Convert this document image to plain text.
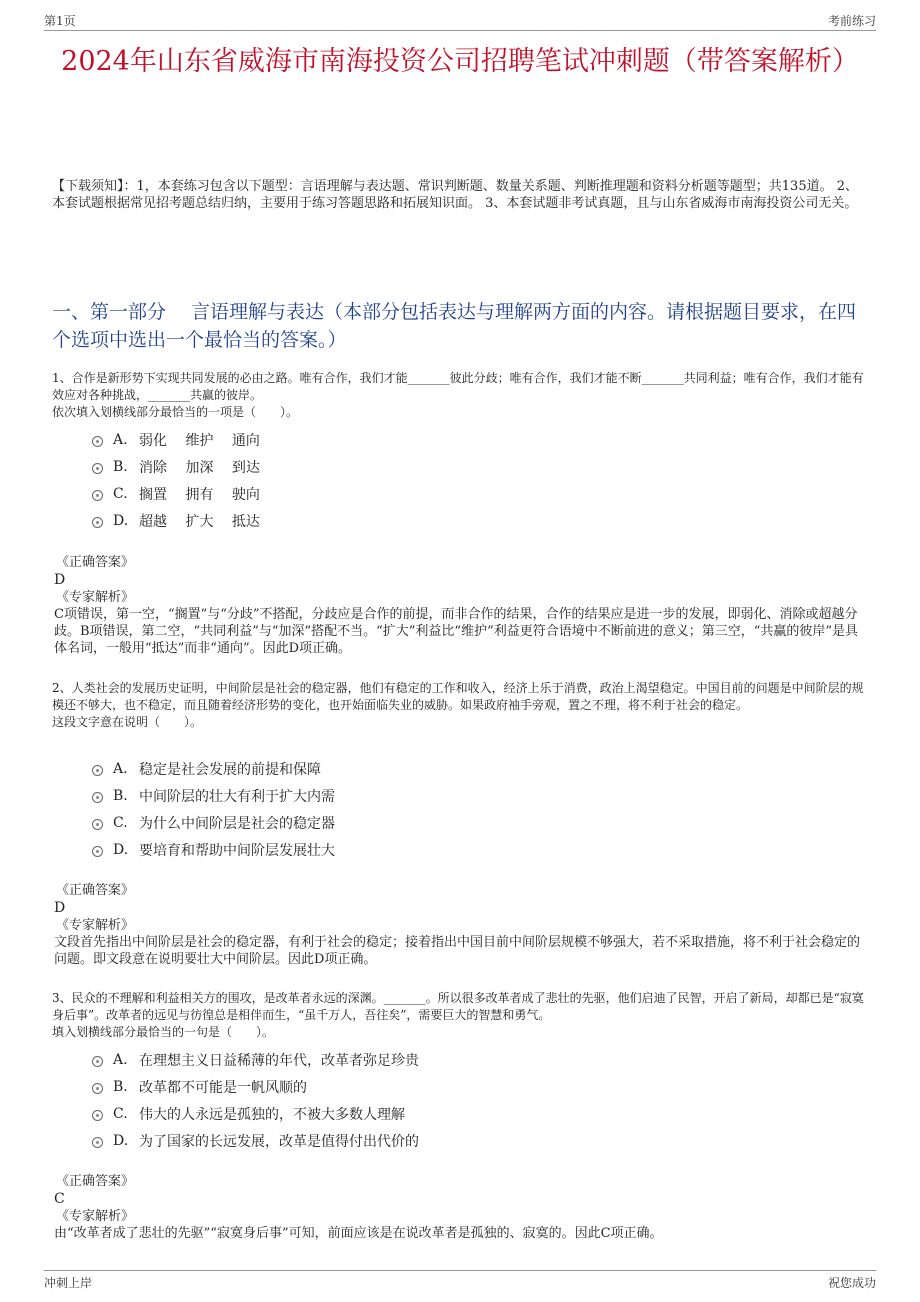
第1页	考前练习
2024年山东省威海市南海投资公司招聘笔试冲刺题（带答案解析）
【下载须知】：1，本套练习包含以下题型：言语理解与表达题、常识判断题、数量关系题、判断推理题和资料分析题等题型；共135道。 2、本套试题根据常见招考题总结归纳，主要用于练习答题思路和拓展知识面。 3、本套试题非考试真题，且与山东省威海市南海投资公司无关。
一、第一部分　 言语理解与表达（本部分包括表达与理解两方面的内容。请根据题目要求，在四个选项中选出一个最恰当的答案。）
1、合作是新形势下实现共同发展的必由之路。唯有合作，我们才能_______彼此分歧；唯有合作，我们才能不断_______共同利益；唯有合作，我们才能有效应对各种挑战，_______共赢的彼岸。
依次填入划横线部分最恰当的一项是（　　）。
A. 弱化　 维护　 通向
B. 消除　 加深　 到达
C. 搁置　 拥有　 驶向
D. 超越　 扩大　 抵达
《正确答案》
D
《专家解析》
C项错误，第一空，“搁置”与“分歧”不搭配，分歧应是合作的前提，而非合作的结果，合作的结果应是进一步的发展，即弱化、消除或超越分歧。B项错误，第二空，“共同利益”与“加深”搭配不当。“扩大”利益比“维护”利益更符合语境中不断前进的意义；第三空，“共赢的彼岸”是具体名词，一般用“抵达”而非“通向”。因此D项正确。
2、人类社会的发展历史证明，中间阶层是社会的稳定器，他们有稳定的工作和收入，经济上乐于消费，政治上渴望稳定。中国目前的问题是中间阶层的规模还不够大，也不稳定，而且随着经济形势的变化，也开始面临失业的威胁。如果政府袖手旁观，置之不理，将不利于社会的稳定。
这段文字意在说明（　　）。
A. 稳定是社会发展的前提和保障
B. 中间阶层的壮大有利于扩大内需
C. 为什么中间阶层是社会的稳定器
D. 要培育和帮助中间阶层发展壮大
《正确答案》
D
《专家解析》
文段首先指出中间阶层是社会的稳定器，有利于社会的稳定；接着指出中国目前中间阶层规模不够强大，若不采取措施，将不利于社会稳定的问题。即文段意在说明要壮大中间阶层。因此D项正确。
3、民众的不理解和利益相关方的围攻，是改革者永远的深渊。_______。所以很多改革者成了悲壮的先驱，他们启迪了民智，开启了新局，却都已是“寂寞身后事”。改革者的远见与彷徨总是相伴而生，“虽千万人，吾往矣”，需要巨大的智慧和勇气。
填入划横线部分最恰当的一句是（　　）。
A. 在理想主义日益稀薄的年代，改革者弥足珍贵
B. 改革都不可能是一帆风顺的
C. 伟大的人永远是孤独的，不被大多数人理解
D. 为了国家的长远发展，改革是值得付出代价的
《正确答案》
C
《专家解析》
由“改革者成了悲壮的先驱”“寂寞身后事”可知，前面应该是在说改革者是孤独的、寂寞的。因此C项正确。
冲刺上岸	祝您成功
